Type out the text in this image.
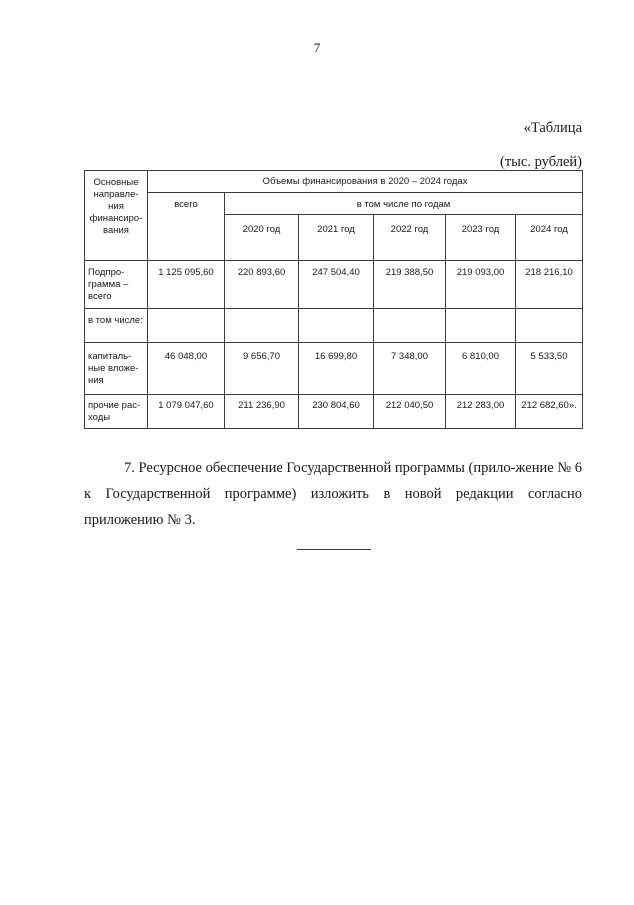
7
«Таблица
(тыс. рублей)
Основные направле-ния финансиро-вания	Объемы финансирования в 2020 – 2024 годах					
	всего	в том числе по годам				
		2020 год	2021 год	2022 год	2023 год	2024 год
Подпро-грамма – всего	1 125 095,60	220 893,60	247 504,40	219 388,50	219 093,00	218 216,10
в том числе:						
капиталь-ные вложе-ния	46 048,00	9 656,70	16 699,80	7 348,00	6 810,00	5 533,50
прочие рас-ходы	1 079 047,60	211 236,90	230 804,60	212 040,50	212 283,00	212 682,60».
7. Ресурсное обеспечение Государственной программы (прило-жение № 6 к Государственной программе) изложить в новой редакции согласно приложению № 3.
